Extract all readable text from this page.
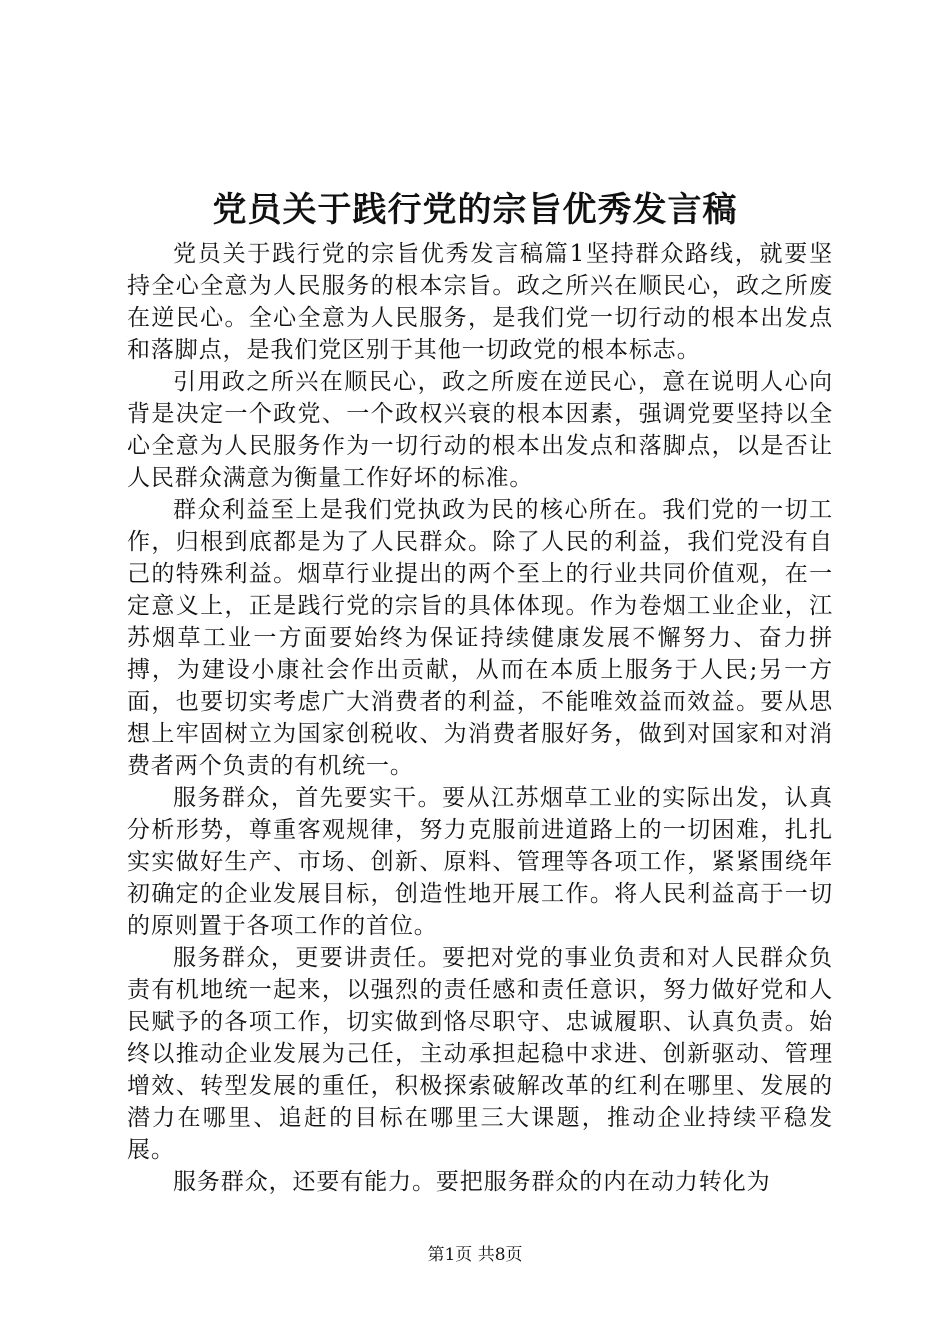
党员关于践行党的宗旨优秀发言稿

党员关于践行党的宗旨优秀发言稿篇1坚持群众路线，就要坚持全心全意为人民服务的根本宗旨。政之所兴在顺民心，政之所废在逆民心。全心全意为人民服务，是我们党一切行动的根本出发点和落脚点，是我们党区别于其他一切政党的根本标志。

引用政之所兴在顺民心，政之所废在逆民心，意在说明人心向背是决定一个政党、一个政权兴衰的根本因素，强调党要坚持以全心全意为人民服务作为一切行动的根本出发点和落脚点，以是否让人民群众满意为衡量工作好坏的标准。

群众利益至上是我们党执政为民的核心所在。我们党的一切工作，归根到底都是为了人民群众。除了人民的利益，我们党没有自己的特殊利益。烟草行业提出的两个至上的行业共同价值观，在一定意义上，正是践行党的宗旨的具体体现。作为卷烟工业企业，江苏烟草工业一方面要始终为保证持续健康发展不懈努力、奋力拼搏，为建设小康社会作出贡献，从而在本质上服务于人民;另一方面，也要切实考虑广大消费者的利益，不能唯效益而效益。要从思想上牢固树立为国家创税收、为消费者服好务，做到对国家和对消费者两个负责的有机统一。

服务群众，首先要实干。要从江苏烟草工业的实际出发，认真分析形势，尊重客观规律，努力克服前进道路上的一切困难，扎扎实实做好生产、市场、创新、原料、管理等各项工作，紧紧围绕年初确定的企业发展目标，创造性地开展工作。将人民利益高于一切的原则置于各项工作的首位。

服务群众，更要讲责任。要把对党的事业负责和对人民群众负责有机地统一起来，以强烈的责任感和责任意识，努力做好党和人民赋予的各项工作，切实做到恪尽职守、忠诚履职、认真负责。始终以推动企业发展为己任，主动承担起稳中求进、创新驱动、管理增效、转型发展的重任，积极探索破解改革的红利在哪里、发展的潜力在哪里、追赶的目标在哪里三大课题，推动企业持续平稳发展。

服务群众，还要有能力。要把服务群众的内在动力转化为

第1页 共8页
